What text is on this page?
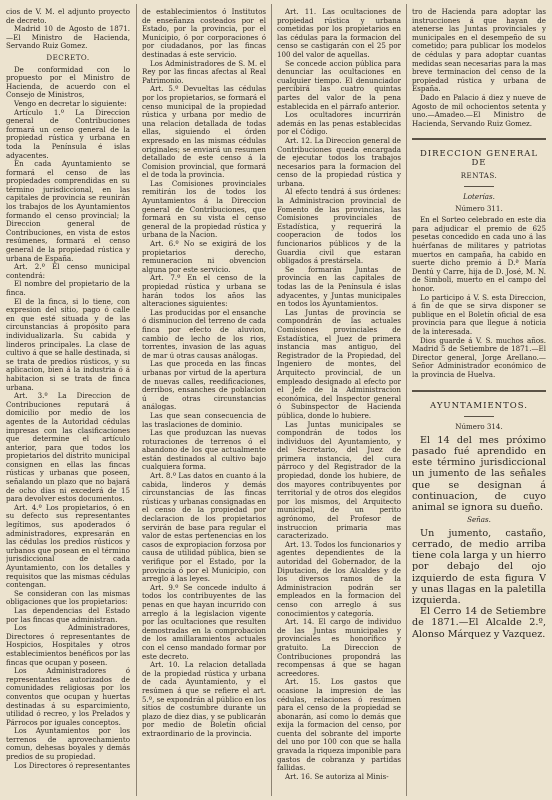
cios de V. M. el adjunto proyecto de decreto.

Madrid 10 de Agosto de 1871.—El Ministro de Hacienda, Servando Ruiz Gomez.

DECRETO.

De conformidad con lo propuesto por el Ministro de Hacienda, de acuerdo con el Consejo de Ministros,

Vengo en decretar lo siguiente:

Artículo 1.º La Direccion general de Contribuciones formará un censo general de la propiedad rústica y urbana en toda la Península é islas adyacentes.

En cada Ayuntamiento se formará el censo de las propiedades comprendidas en su término jurisdiccional, en las capitales de provincia se reunirán los trabajos de los Ayuntamientos formando el censo provincial; la Direccion general de Contribuciones, en vista de estos resúmenes, formará el censo general de la propiedad rústica y urbana de España.

Art. 2.º El censo municipal contendrá:

El nombre del propietario de la finca.

El de la finca, si lo tiene, con expresion del sitio, pago ó calle en que esté situada y de las circunstancias á propósito para individualizarla. Su cabida y linderos principales. La clase de cultivo á que se halle destinada, si se trata de predios rústicos, y su aplicacion, bien á la industria ó á habitacion si se trata de finca urbana.

Art. 3.º La Direccion de Contribuciones reputará á domicilio por medio de los agentes de la Autoridad cédulas impresas con las clasificaciones que determine el artículo anterior, para que todos los propietarios del distrito municipal consignen en ellas las fincas rústicas y urbanas que poseen, señalando un plazo que no bajará de ocho dias ni excederá de 15 para devolver estos documentos.

Art. 4.º Los propietarios, ó en su defecto sus representantes legítimos, sus apoderados ó administradores, expresarán en las cédulas los predios rústicos y urbanos que posean en el término jurisdiccional de cada Ayuntamiento, con los detalles y requisitos que las mismas cédulas contengan.

Se consideran con las mismas obligaciones que los propietarios:

Las dependencias del Estado por las fincas que administran.

Los Administradores, Directores ó representantes de Hospicios, Hospitales y otros establecimientos benéficos por las fincas que ocupan y poseen.

Los Administradores ó representantes autorizados de comunidades religiosas por los conventos que ocupan y huertas destinadas á su esparcimiento, utilidad ó recreo, y los Prelados y Párrocos por iguales conceptos.

Los Ayuntamientos por los terrenos de aprovechamiento comun, dehesas boyales y demás predios de su propiedad.

Los Directores ó representantes

de establecimientos ó Institutos de enseñanza costeados por el Estado, por la provincia, por el Municipio, ó por corporaciones ó por ciudadanos, por las fincas destinadas á este servicio.

Los Administradores de S. M. el Rey por las fincas afectas al Real Patrimonio.

Art. 5.º Devueltas las cédulas por los propietarios, se formará el censo municipal de la propiedad rústica y urbana por medio de una relacion detallada de todas ellas, siguiendo el órden expresado en las mismas cédulas originales; se enviará un resumen detallado de este censo á la Comision provincial, que formará el de toda la provincia.

Las Comisiones provinciales remitirán los de todos los Ayuntamientos á la Direccion general de Contribuciones, que formará en su vista el censo general de la propiedad rústica y urbana de la Nacion.

Art. 6.º No se exigirá de los propietarios derecho, remuneracion ni obvencion alguna por este servicio.

Art. 7.º En el censo de la propiedad rústica y urbana se harán todos los años las alteraciones siguientes:

Las producidas por el ensanche ó disminucion del terreno de cada finca por efecto de aluvion, cambio de lecho de los rios, torrentes, invasion de las aguas de mar ú otras causas análogas.

Las que proceda en las fincas urbanas por virtud de la apertura de nuevas calles, reedificaciones, derribos, ensanches de poblacion ú de otras circunstancias análogas.

Las que sean consecuencia de las traslaciones de dominio.

Las que produzcan las nuevas roturaciones de terrenos ó el abandono de los que actualmente están destinados al cultivo bajo cualquiera forma.

Art. 8.º Las datos en cuanto á la cabida, linderos y demás circunstancias de las fincas rústicas y urbanas consignadas en el censo de la propiedad por declaracion de los propietarios servirán de base para regular el valor de estas pertenencias en los casos de expropiacion forzosa por causa de utilidad pública, bien se verifique por el Estado, por la provincia ó por el Municipio, con arreglo á las leyes.

Art. 9.º Se concede indulto á todos los contribuyentes de las penas en que hayan incurrido con arreglo á la legislacion vigente por las ocultaciones que resulten demostradas en la comprobacion de los amillaramientos actuales con el censo mandado formar por este decreto.

Art. 10. La relacion detallada de la propiedad rústica y urbana de cada Ayuntamiento, y el resúmen á que se refiere el art. 5.º, se expondrán al público en los sitios de costumbre durante un plazo de diez dias, y se publicarán por medio de Boletín oficial extraordinario de la provincia.

Art. 11. Las ocultaciones de propiedad rústica y urbana cometidas por los propietarios en las cédulas para la formacion del censo se castigarán con el 25 por 100 del valor de aquellas.

Se concede accion pública para denunciar las ocultaciones en cualquier tiempo. El denunciador percibirá las cuatro quintas partes del valor de la pena establecida en el párrafo anterior.

Los ocultadores incurrirán además en las penas establecidas por el Código.

Art. 12. La Direccion general de Contribuciones queda encargada de ejecutar todos los trabajos necesarios para la formacion del censo de la propiedad rústica y urbana.

Al efecto tendrá á sus órdenes: la Administracion provincial de Fomento de las provincias, las Comisiones provinciales de Estadística, y requerirá la cooperacion de todos los funcionarios públicos y de la Guardia civil que estaran obligados á prestársela.

Se formarán Juntas de provincia en las capitales de todas las de la Península é islas adyacentes, y Juntas municipales en todos los Ayuntamientos.

Las Juntas de provincia se compondrán de las actuales Comisiones provinciales de Estadística, el Juez de primera instancia mas antiguo, del Registrador de la Propiedad, del Ingeniero de montes, del Arquitecto provincial, de un empleado designado al efecto por el Jefe de la Administracion económica, del Inspector general ó Subinspector de Hacienda pública, donde lo hubiere.

Las Juntas municipales se compondrán de todos los individuos del Ayuntamiento, y del Secretario, del Juez de primera instancia, del cura párroco y del Registrador de la propiedad, donde los hubiere, de dos mayores contribuyentes por territorial y de otros dos elegidos por los mismos, del Arquitecto municipal, de un perito agrónomo, del Profesor de instruccion primaria mas caracterizado.

Art. 13. Todos los funcionarios y agentes dependientes de la autoridad del Gobernador, de la Diputacion, de los Alcaldes y de los diversos ramos de la Administracion podrán ser empleados en la formacion del censo con arreglo á sus conocimientos y categoría.

Art. 14. El cargo de individuo de las Juntas municipales y provinciales es honorífico y gratuito. La Direccion de Contribuciones propondrá las recompensas á que se hagan acreedores.

Art. 15. Los gastos que ocasione la impresion de las cédulas, relaciones ó resúmen para el censo de la propiedad se abonarán, así como lo demás que exija la formacion del censo, por cuenta del sobrante del importe del uno por 100 con que se halla gravada la riqueza imponible para gastos de cobranza y partidas fallidas.

Art. 16. Se autoriza al Minis-

tro de Hacienda para adoptar las instrucciones á que hayan de atenerse las Juntas provinciales y municipales en el desempeño de su cometido; para publicar los modelos de cédulas y para adoptar cuantas medidas sean necesarias para la mas breve terminacion del censo de la propiedad rústica y urbana de España.

Dado en Palacio á diez y nueve de Agosto de mil ochocientos setenta y uno.—Amadeo.—El Ministro de Hacienda, Servando Ruiz Gomez.

DIRECCION GENERAL DE
RENTAS.
Loterías.
Número 311.

En el Sorteo celebrado en este dia para adjudicar el premio de 625 pesetas concedido en cada uno á las huérfanas de militares y patriotas muertos en campaña, ha cabido en suerte dicho premio á D.ª María Dentú y Carre, hija de D. José, M. N. de Simboli, muerto en el campo del honor.

Lo participo á V. S. esta Direccion, á fin de que se sirva disponer se publique en el Boletín oficial de esa provincia para que llegue á noticia de la interesada.

Dios guarde á V. S. muchos años. Madrid 5 de Setiembre de 1871.—El Director general, Jorge Arellano.—Señor Administrador económico de la provincia de Huelva.

AYUNTAMIENTOS.
Número 314.

El 14 del mes próximo pasado fué aprendido en este término jurisdiccional un jumento de las señales que se designan á continuacion, de cuyo animal se ignora su dueño.

Señas.

Un jumento, castaño, cerrado, de medio arriba tiene cola larga y un hierro por debajo del ojo izquierdo de esta figura V y unas llagas en la paletilla izquierda.

El Cerro 14 de Setiembre de 1871.—El Alcalde 2.º, Alonso Márquez y Vazquez.
